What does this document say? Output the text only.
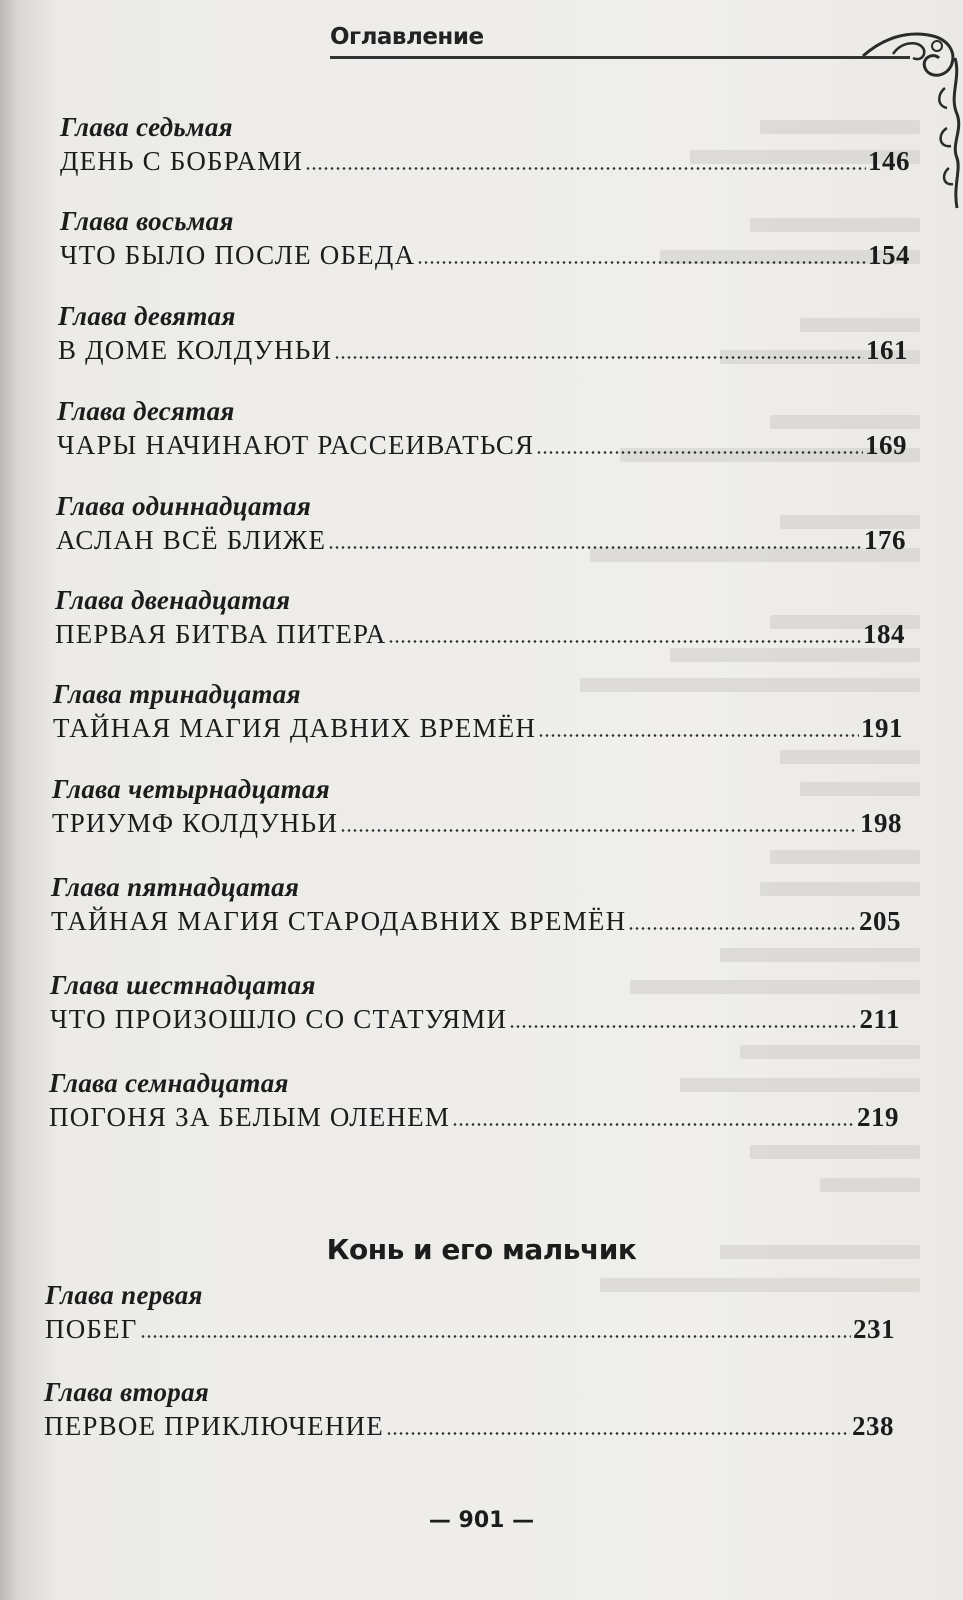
Оглавление
Глава седьмая
ДЕНЬ С БОБРАМИ	146
Глава восьмая
ЧТО БЫЛО ПОСЛЕ ОБЕДА	154
Глава девятая
В ДОМЕ КОЛДУНЬИ	161
Глава десятая
ЧАРЫ НАЧИНАЮТ РАССЕИВАТЬСЯ	169
Глава одиннадцатая
АСЛАН ВСЁ БЛИЖЕ	176
Глава двенадцатая
ПЕРВАЯ БИТВА ПИТЕРА	184
Глава тринадцатая
ТАЙНАЯ МАГИЯ ДАВНИХ ВРЕМЁН	191
Глава четырнадцатая
ТРИУМФ КОЛДУНЬИ	198
Глава пятнадцатая
ТАЙНАЯ МАГИЯ СТАРОДАВНИХ ВРЕМЁН	205
Глава шестнадцатая
ЧТО ПРОИЗОШЛО СО СТАТУЯМИ	211
Глава семнадцатая
ПОГОНЯ ЗА БЕЛЫМ ОЛЕНЕМ	219
Конь и его мальчик
Глава первая
ПОБЕГ	231
Глава вторая
ПЕРВОЕ ПРИКЛЮЧЕНИЕ	238
— 901 —
